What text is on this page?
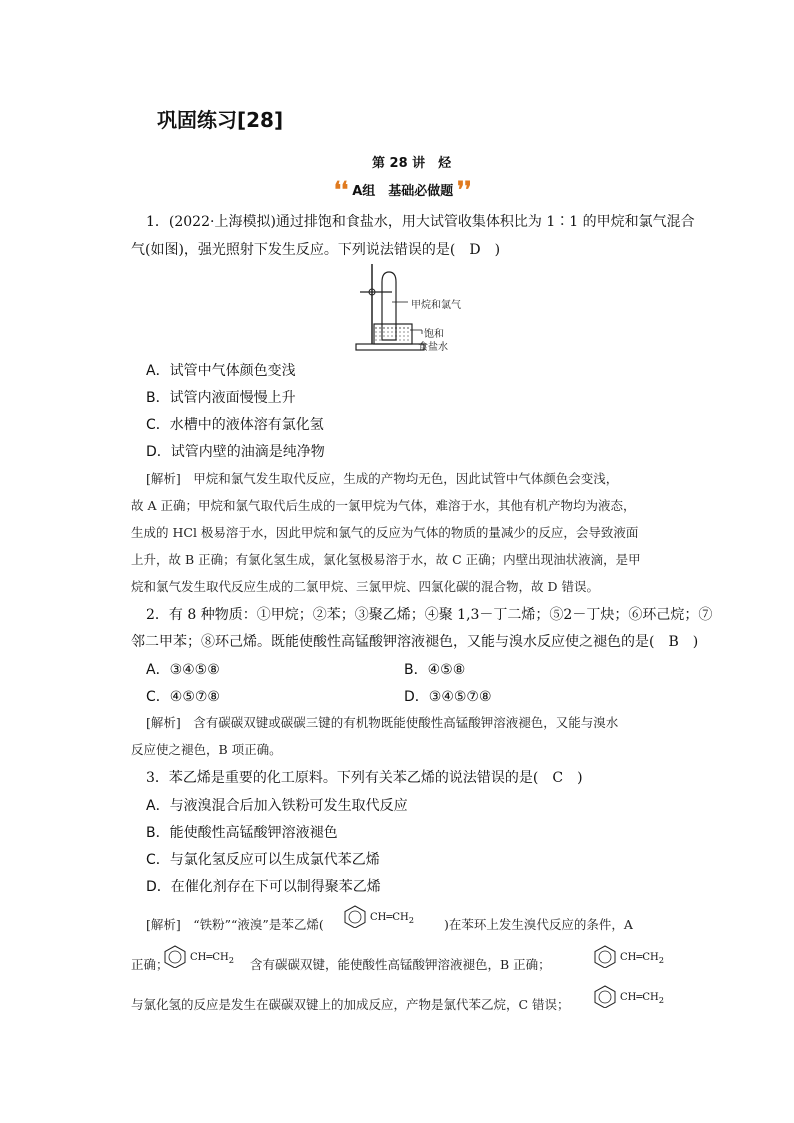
巩固练习[28]
第 28 讲　烃
❛❛ A组　基础必做题 ❜❜
1．(2022·上海模拟)通过排饱和食盐水，用大试管收集体积比为 1∶1 的甲烷和氯气混合
气(如图)，强光照射下发生反应。下列说法错误的是(　D　)
甲烷和氯气
饱和
食盐水
A．试管中气体颜色变浅
B．试管内液面慢慢上升
C．水槽中的液体溶有氯化氢
D．试管内壁的油滴是纯净物
[解析]　甲烷和氯气发生取代反应，生成的产物均无色，因此试管中气体颜色会变浅，
故 A 正确；甲烷和氯气取代后生成的一氯甲烷为气体，难溶于水，其他有机产物均为液态，
生成的 HCl 极易溶于水，因此甲烷和氯气的反应为气体的物质的量减少的反应，会导致液面
上升，故 B 正确；有氯化氢生成，氯化氢极易溶于水，故 C 正确；内壁出现油状液滴，是甲
烷和氯气发生取代反应生成的二氯甲烷、三氯甲烷、四氯化碳的混合物，故 D 错误。
2．有 8 种物质：①甲烷；②苯；③聚乙烯；④聚 1,3－丁二烯；⑤2－丁炔；⑥环己烷；⑦
邻二甲苯；⑧环己烯。既能使酸性高锰酸钾溶液褪色，又能与溴水反应使之褪色的是(　B　)
A．③④⑤⑧	B．④⑤⑧
C．④⑤⑦⑧	D．③④⑤⑦⑧
[解析]　含有碳碳双键或碳碳三键的有机物既能使酸性高锰酸钾溶液褪色，又能与溴水
反应使之褪色，B 项正确。
3．苯乙烯是重要的化工原料。下列有关苯乙烯的说法错误的是(　C　)
A．与液溴混合后加入铁粉可发生取代反应
B．能使酸性高锰酸钾溶液褪色
C．与氯化氢反应可以生成氯代苯乙烯
D．在催化剂存在下可以制得聚苯乙烯
[解析]　“铁粉”“液溴”是苯乙烯(	$CH═CH_2$ )在苯环上发生溴代反应的条件，A
正确； $CH═CH_2$ 含有碳碳双键，能使酸性高锰酸钾溶液褪色，B 正确；	$CH═CH_2$
与氯化氢的反应是发生在碳碳双键上的加成反应，产物是氯代苯乙烷，C 错误；	$CH═CH_2$
